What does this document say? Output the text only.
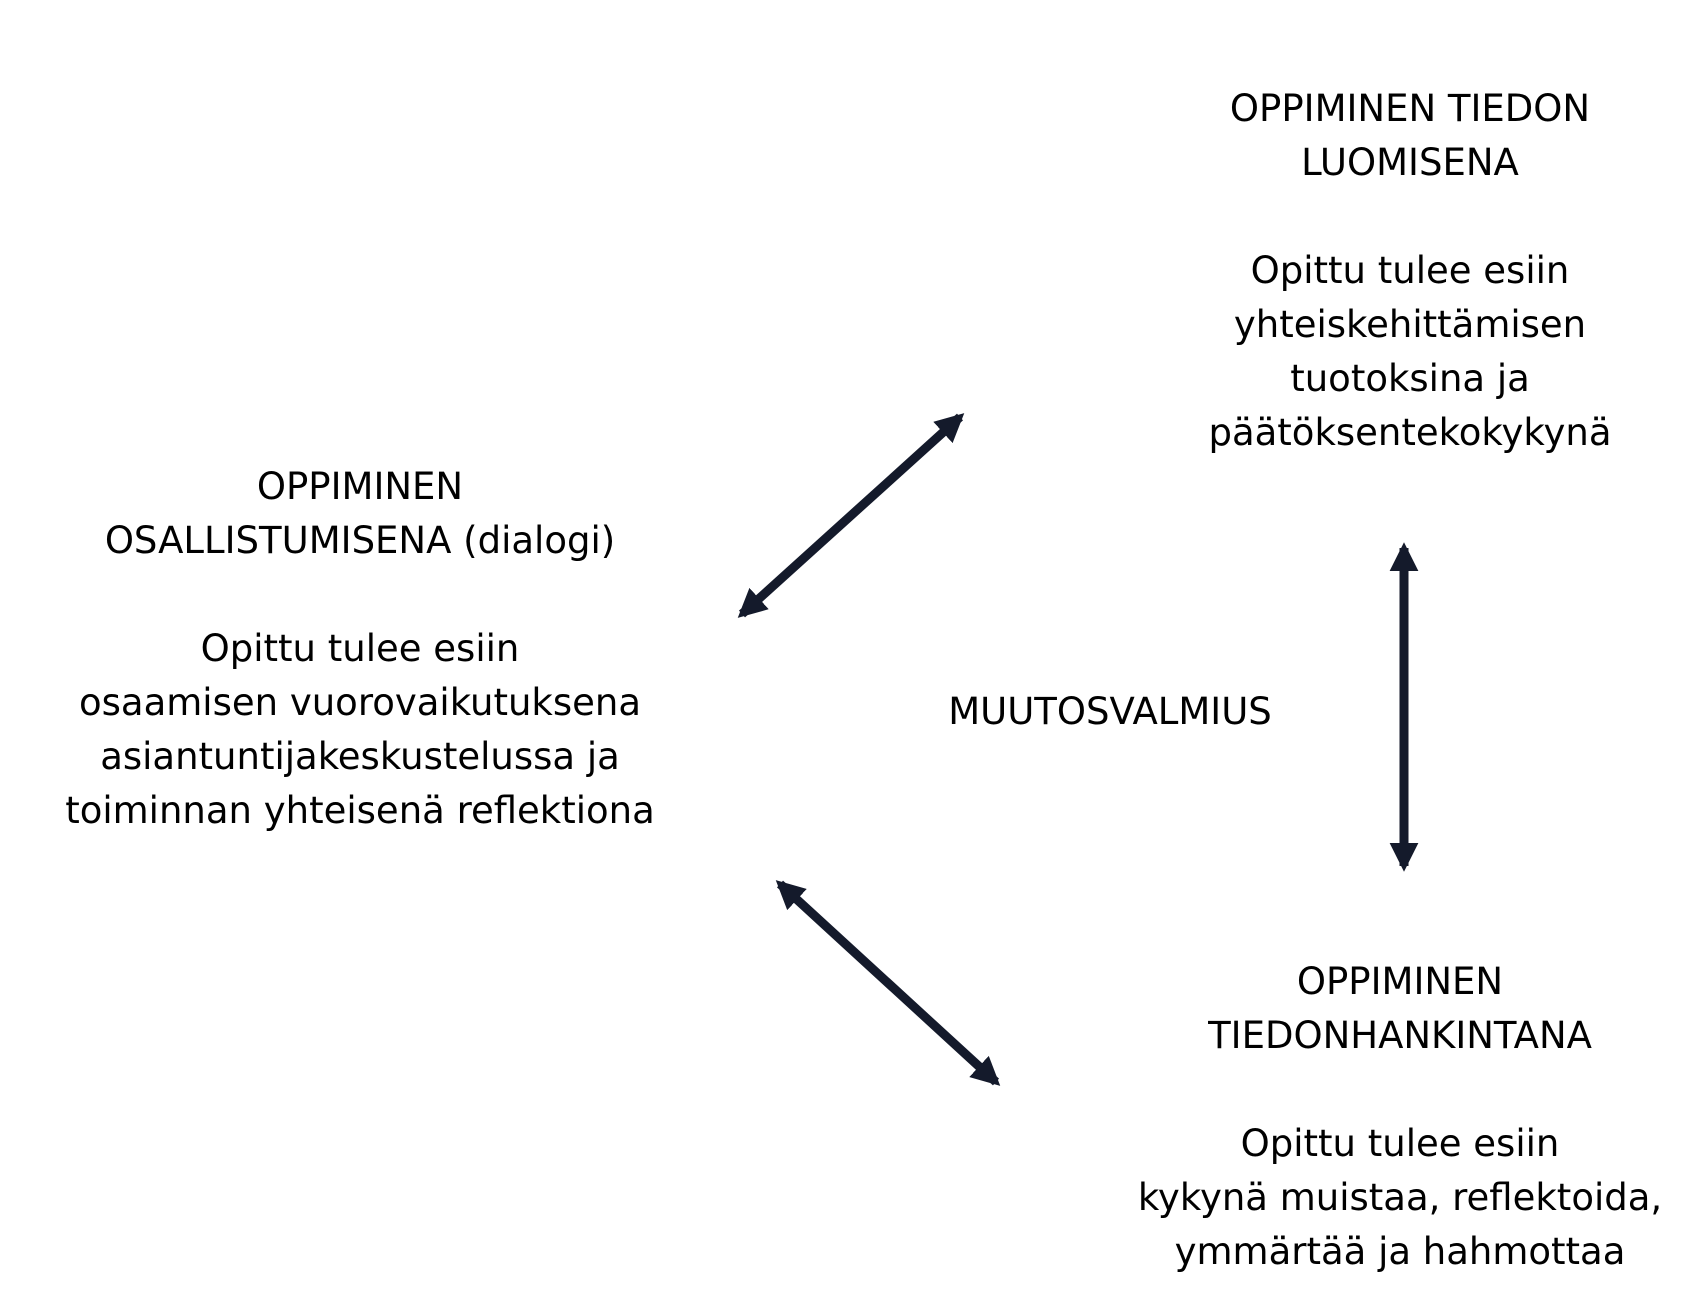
OPPIMINEN TIEDON
LUOMISENA
Opittu tulee esiin
yhteiskehittämisen
tuotoksina ja
päätöksentekokykynä
OPPIMINEN
OSALLISTUMISENA (dialogi)
Opittu tulee esiin
osaamisen vuorovaikutuksena
asiantuntijakeskustelussa ja
toiminnan yhteisenä reflektiona
OPPIMINEN
TIEDONHANKINTANA
Opittu tulee esiin
kykynä muistaa, reflektoida,
ymmärtää ja hahmottaa
MUUTOSVALMIUS
